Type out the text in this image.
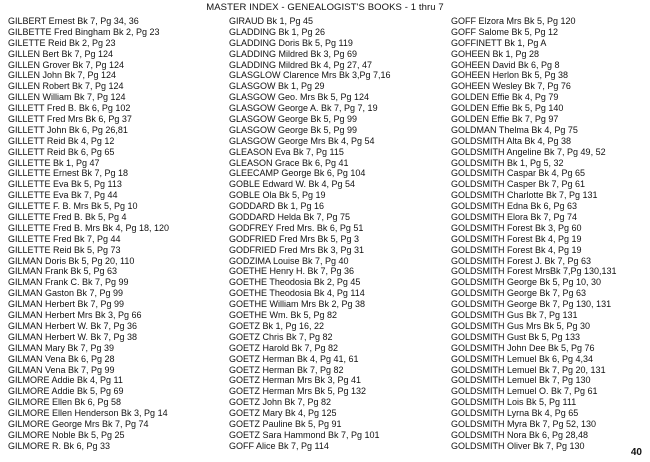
MASTER INDEX - GENEALOGIST'S BOOKS - 1 thru 7
GILBERT Ernest Bk 7, Pg 34, 36
GILBETTE Fred Bingham Bk 2, Pg 23
GILETTE Reid Bk 2, Pg 23
GILLEN Bert Bk 7, Pg 124
GILLEN Grover Bk 7, Pg 124
GILLEN John Bk 7, Pg 124
GILLEN Robert Bk 7, Pg 124
GILLEN William Bk 7, Pg 124
GILLETT Fred B. Bk 6, Pg 102
GILLETT Fred Mrs Bk 6, Pg 37
GILLETT John Bk 6, Pg 26,81
GILLETT Reid Bk 4, Pg 12
GILLETT Reid Bk 6, Pg 65
GILLETTE Bk 1, Pg 47
GILLETTE Ernest Bk 7, Pg 18
GILLETTE Eva Bk 5, Pg 113
GILLETTE Eva Bk 7, Pg 44
GILLETTE F. B. Mrs Bk 5, Pg 10
GILLETTE Fred B. Bk 5, Pg 4
GILLETTE Fred B. Mrs Bk 4, Pg 18, 120
GILLETTE Fred Bk 7, Pg 44
GILLETTE Reid Bk 5, Pg 73
GILMAN Doris Bk 5, Pg 20, 110
GILMAN Frank Bk 5, Pg 63
GILMAN Frank C. Bk 7, Pg 99
GILMAN Gaston Bk 7, Pg 99
GILMAN Herbert Bk 7, Pg 99
GILMAN Herbert Mrs Bk 3, Pg 66
GILMAN Herbert W. Bk 7, Pg 36
GILMAN Herbert W. Bk 7, Pg 38
GILMAN Mary Bk 7, Pg 39
GILMAN Vena Bk 6, Pg 28
GILMAN Vena Bk 7, Pg 99
GILMORE Addie Bk 4, Pg 11
GILMORE Addie Bk 5, Pg 69
GILMORE Ellen Bk 6, Pg 58
GILMORE Ellen Henderson Bk 3, Pg 14
GILMORE George Mrs Bk 7, Pg 74
GILMORE Noble Bk 5, Pg 25
GILMORE R. Bk 6, Pg 33
GIRAUD Bk 1, Pg 45
GLADDING Bk 1, Pg 26
GLADDING Doris Bk 5, Pg 119
GLADDING Mildred Bk 3, Pg 69
GLADDING Mildred Bk 4, Pg 27, 47
GLASGLOW Clarence Mrs Bk 3,Pg 7,16
GLASGOW Bk 1, Pg 29
GLASGOW Geo. Mrs Bk 5, Pg 124
GLASGOW George A. Bk 7, Pg 7, 19
GLASGOW George Bk 5, Pg 99
GLASGOW George Bk 5, Pg 99
GLASGOW George Mrs Bk 4, Pg 54
GLEASON Eva Bk 7, Pg 115
GLEASON Grace Bk 6, Pg 41
GLEECAMP George Bk 6, Pg 104
GOBLE Edward W. Bk 4, Pg 54
GOBLE Ola Bk 5, Pg 19
GODDARD Bk 1, Pg 16
GODDARD Helda Bk 7, Pg 75
GODFREY Fred Mrs. Bk 6, Pg 51
GODFRIED Fred Mrs Bk 5, Pg 3
GODFRIED Fred Mrs Bk 3, Pg 31
GODZIMA Louise Bk 7, Pg 40
GOETHE Henry H. Bk 7, Pg 36
GOETHE Theodosia Bk 2, Pg 45
GOETHE Theodosia Bk 4, Pg 114
GOETHE William Mrs Bk 2, Pg 38
GOETHE Wm. Bk 5, Pg 82
GOETZ Bk 1, Pg 16, 22
GOETZ Chris Bk 7, Pg 82
GOETZ Harold Bk 7, Pg 82
GOETZ Herman Bk 4, Pg 41, 61
GOETZ Herman Bk 7, Pg 82
GOETZ Herman Mrs Bk 3, Pg 41
GOETZ Herman Mrs Bk 5, Pg 132
GOETZ John Bk 7, Pg 82
GOETZ Mary Bk 4, Pg 125
GOETZ Pauline Bk 5, Pg 91
GOETZ Sara Hammond Bk 7, Pg 101
GOFF Alice Bk 7, Pg 114
GOFF Elzora Mrs Bk 5, Pg 120
GOFF Salome Bk 5, Pg 12
GOFFINETT Bk 1, Pg A
GOHEEN Bk 1, Pg 28
GOHEEN David Bk 6, Pg 8
GOHEEN Herlon Bk 5, Pg 38
GOHEEN Wesley Bk 7, Pg 76
GOLDEN Effie Bk 4, Pg 79
GOLDEN Effie Bk 5, Pg 140
GOLDEN Effie Bk 7, Pg 97
GOLDMAN Thelma Bk 4, Pg 75
GOLDSMITH Alta Bk 4, Pg 38
GOLDSMITH Angeline Bk 7, Pg 49, 52
GOLDSMITH Bk 1, Pg 5, 32
GOLDSMITH Caspar Bk 4, Pg 65
GOLDSMITH Casper Bk 7, Pg 61
GOLDSMITH Charlotte Bk 7, Pg 131
GOLDSMITH Edna Bk 6, Pg 63
GOLDSMITH Elora Bk 7, Pg 74
GOLDSMITH Forest Bk 3, Pg 60
GOLDSMITH Forest Bk 4, Pg 19
GOLDSMITH Forest Bk 4, Pg 19
GOLDSMITH Forest J. Bk 7, Pg 63
GOLDSMITH Forest MrsBk 7,Pg 130,131
GOLDSMITH George Bk 5, Pg 10, 30
GOLDSMITH George Bk 7, Pg 63
GOLDSMITH George Bk 7, Pg 130, 131
GOLDSMITH Gus Bk 7, Pg 131
GOLDSMITH Gus Mrs Bk 5, Pg 30
GOLDSMITH Gust Bk 5, Pg 133
GOLDSMITH John Dee Bk 5, Pg 76
GOLDSMITH Lemuel Bk 6, Pg 4,34
GOLDSMITH Lemuel Bk 7, Pg 20, 131
GOLDSMITH Lemuel Bk 7, Pg 130
GOLDSMITH Lemuel O. Bk 7, Pg 61
GOLDSMITH Lois Bk 5, Pg 111
GOLDSMITH Lyrna Bk 4, Pg 65
GOLDSMITH Myra Bk 7, Pg 52, 130
GOLDSMITH Nora Bk 6, Pg 28,48
GOLDSMITH Oliver Bk 7, Pg 130
40
